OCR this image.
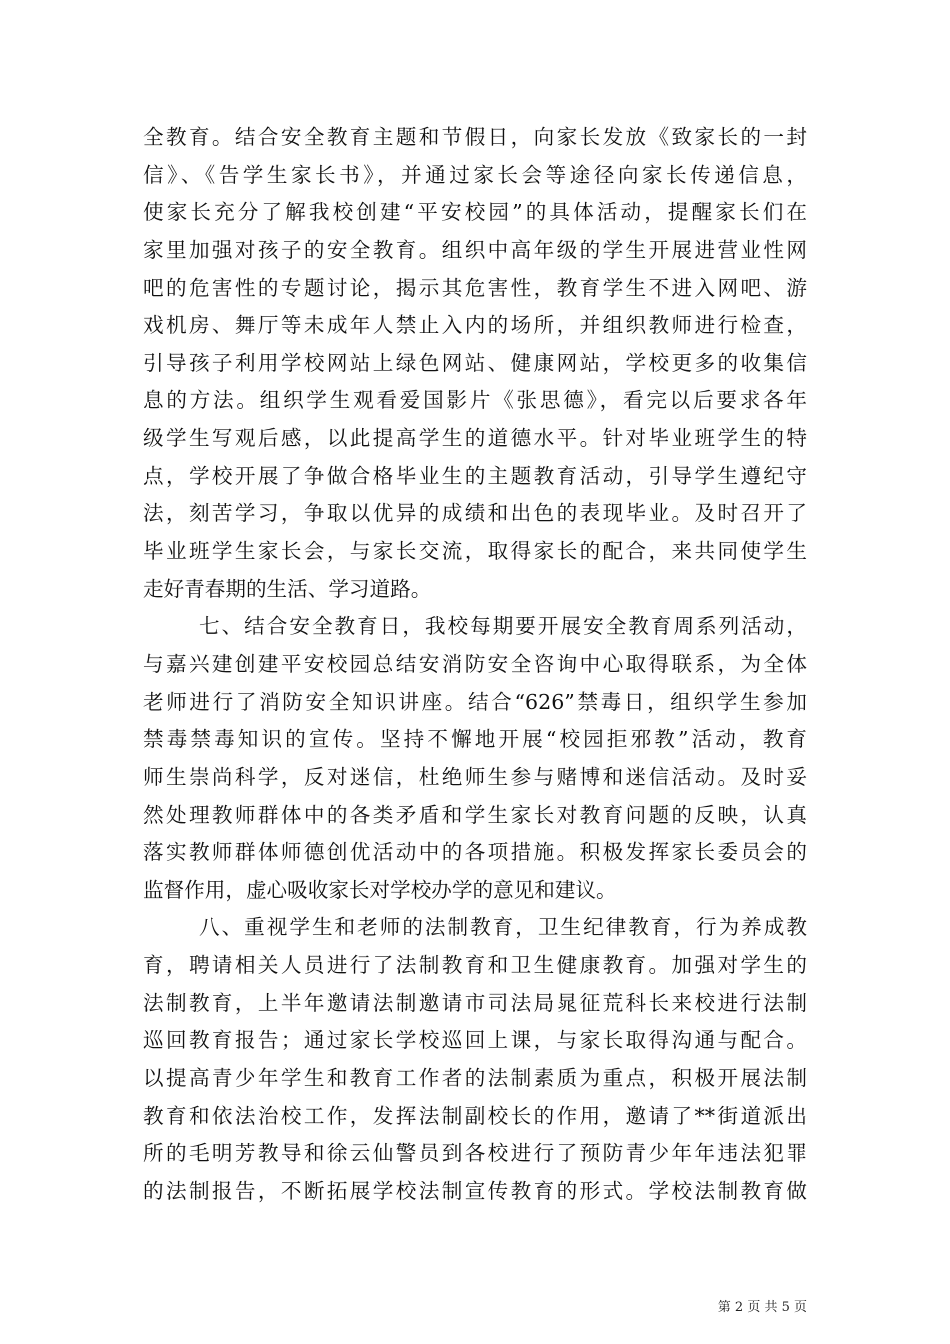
全教育。结合安全教育主题和节假日，向家长发放《致家长的一封
信》、《告学生家长书》，并通过家长会等途径向家长传递信息，
使家长充分了解我校创建“平安校园”的具体活动，提醒家长们在
家里加强对孩子的安全教育。组织中高年级的学生开展进营业性网
吧的危害性的专题讨论，揭示其危害性，教育学生不进入网吧、游
戏机房、舞厅等未成年人禁止入内的场所，并组织教师进行检查，
引导孩子利用学校网站上绿色网站、健康网站，学校更多的收集信
息的方法。组织学生观看爱国影片《张思德》，看完以后要求各年
级学生写观后感，以此提高学生的道德水平。针对毕业班学生的特
点，学校开展了争做合格毕业生的主题教育活动，引导学生遵纪守
法，刻苦学习，争取以优异的成绩和出色的表现毕业。及时召开了
毕业班学生家长会，与家长交流，取得家长的配合，来共同使学生
走好青春期的生活、学习道路。
七、结合安全教育日，我校每期要开展安全教育周系列活动，
与嘉兴建创建平安校园总结安消防安全咨询中心取得联系，为全体
老师进行了消防安全知识讲座。结合“626”禁毒日，组织学生参加
禁毒禁毒知识的宣传。坚持不懈地开展“校园拒邪教”活动，教育
师生崇尚科学，反对迷信，杜绝师生参与赌博和迷信活动。及时妥
然处理教师群体中的各类矛盾和学生家长对教育问题的反映，认真
落实教师群体师德创优活动中的各项措施。积极发挥家长委员会的
监督作用，虚心吸收家长对学校办学的意见和建议。
八、重视学生和老师的法制教育，卫生纪律教育，行为养成教
育，聘请相关人员进行了法制教育和卫生健康教育。加强对学生的
法制教育，上半年邀请法制邀请市司法局晁征荒科长来校进行法制
巡回教育报告；通过家长学校巡回上课，与家长取得沟通与配合。
以提高青少年学生和教育工作者的法制素质为重点，积极开展法制
教育和依法治校工作，发挥法制副校长的作用，邀请了**街道派出
所的毛明芳教导和徐云仙警员到各校进行了预防青少年年违法犯罪
的法制报告，不断拓展学校法制宣传教育的形式。学校法制教育做
第 2 页 共 5 页
